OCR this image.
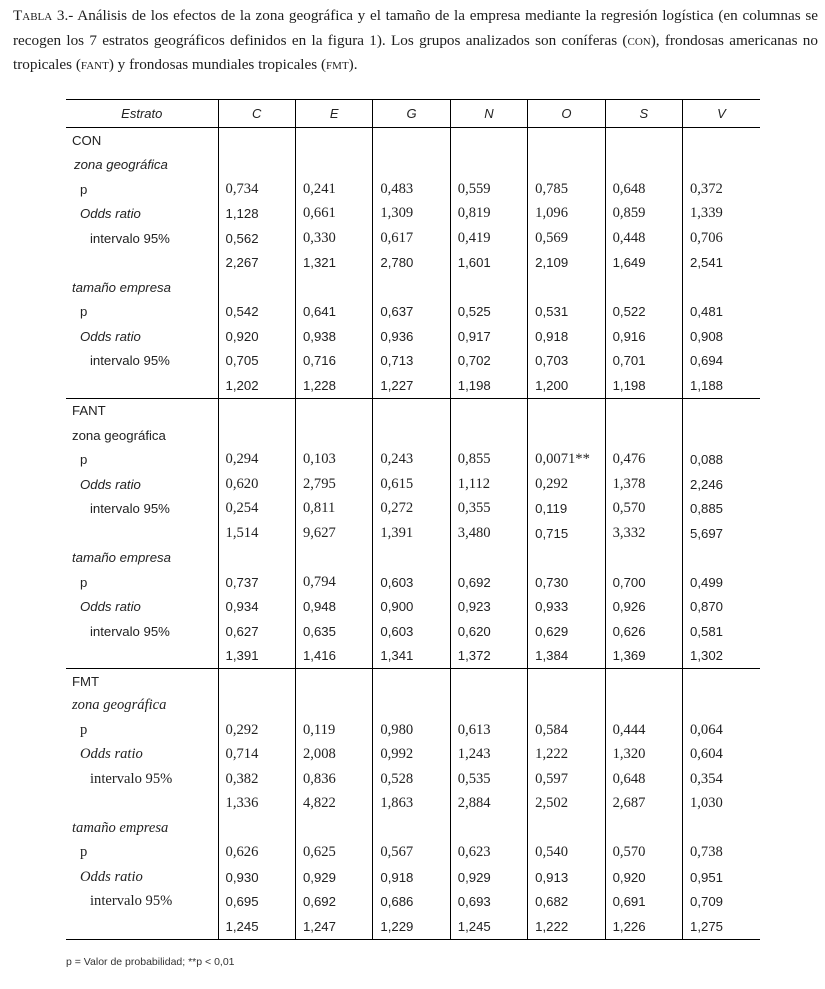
Tabla 3.- Análisis de los efectos de la zona geográfica y el tamaño de la empresa mediante la regresión logística (en columnas se recogen los 7 estratos geográficos definidos en la figura 1). Los grupos analizados son coníferas (con), frondosas americanas no tropicales (fant) y frondosas mundiales tropicales (fmt).
Estrato	C	E	G	N	O	S	V
CON							
zona geográfica							
p	0,734	0,241	0,483	0,559	0,785	0,648	0,372
Odds ratio	1,128	0,661	1,309	0,819	1,096	0,859	1,339
intervalo 95%	0,562	0,330	0,617	0,419	0,569	0,448	0,706
	2,267	1,321	2,780	1,601	2,109	1,649	2,541
tamaño empresa							
p	0,542	0,641	0,637	0,525	0,531	0,522	0,481
Odds ratio	0,920	0,938	0,936	0,917	0,918	0,916	0,908
intervalo 95%	0,705	0,716	0,713	0,702	0,703	0,701	0,694
	1,202	1,228	1,227	1,198	1,200	1,198	1,188
FANT							
zona geográfica							
p	0,294	0,103	0,243	0,855	0,0071**	0,476	0,088
Odds ratio	0,620	2,795	0,615	1,112	0,292	1,378	2,246
intervalo 95%	0,254	0,811	0,272	0,355	0,119	0,570	0,885
	1,514	9,627	1,391	3,480	0,715	3,332	5,697
tamaño empresa							
p	0,737	0,794	0,603	0,692	0,730	0,700	0,499
Odds ratio	0,934	0,948	0,900	0,923	0,933	0,926	0,870
intervalo 95%	0,627	0,635	0,603	0,620	0,629	0,626	0,581
	1,391	1,416	1,341	1,372	1,384	1,369	1,302
FMT							
zona geográfica							
p	0,292	0,119	0,980	0,613	0,584	0,444	0,064
Odds ratio	0,714	2,008	0,992	1,243	1,222	1,320	0,604
intervalo 95%	0,382	0,836	0,528	0,535	0,597	0,648	0,354
	1,336	4,822	1,863	2,884	2,502	2,687	1,030
tamaño empresa							
p	0,626	0,625	0,567	0,623	0,540	0,570	0,738
Odds ratio	0,930	0,929	0,918	0,929	0,913	0,920	0,951
intervalo 95%	0,695	0,692	0,686	0,693	0,682	0,691	0,709
	1,245	1,247	1,229	1,245	1,222	1,226	1,275
p = Valor de probabilidad; **p < 0,01
